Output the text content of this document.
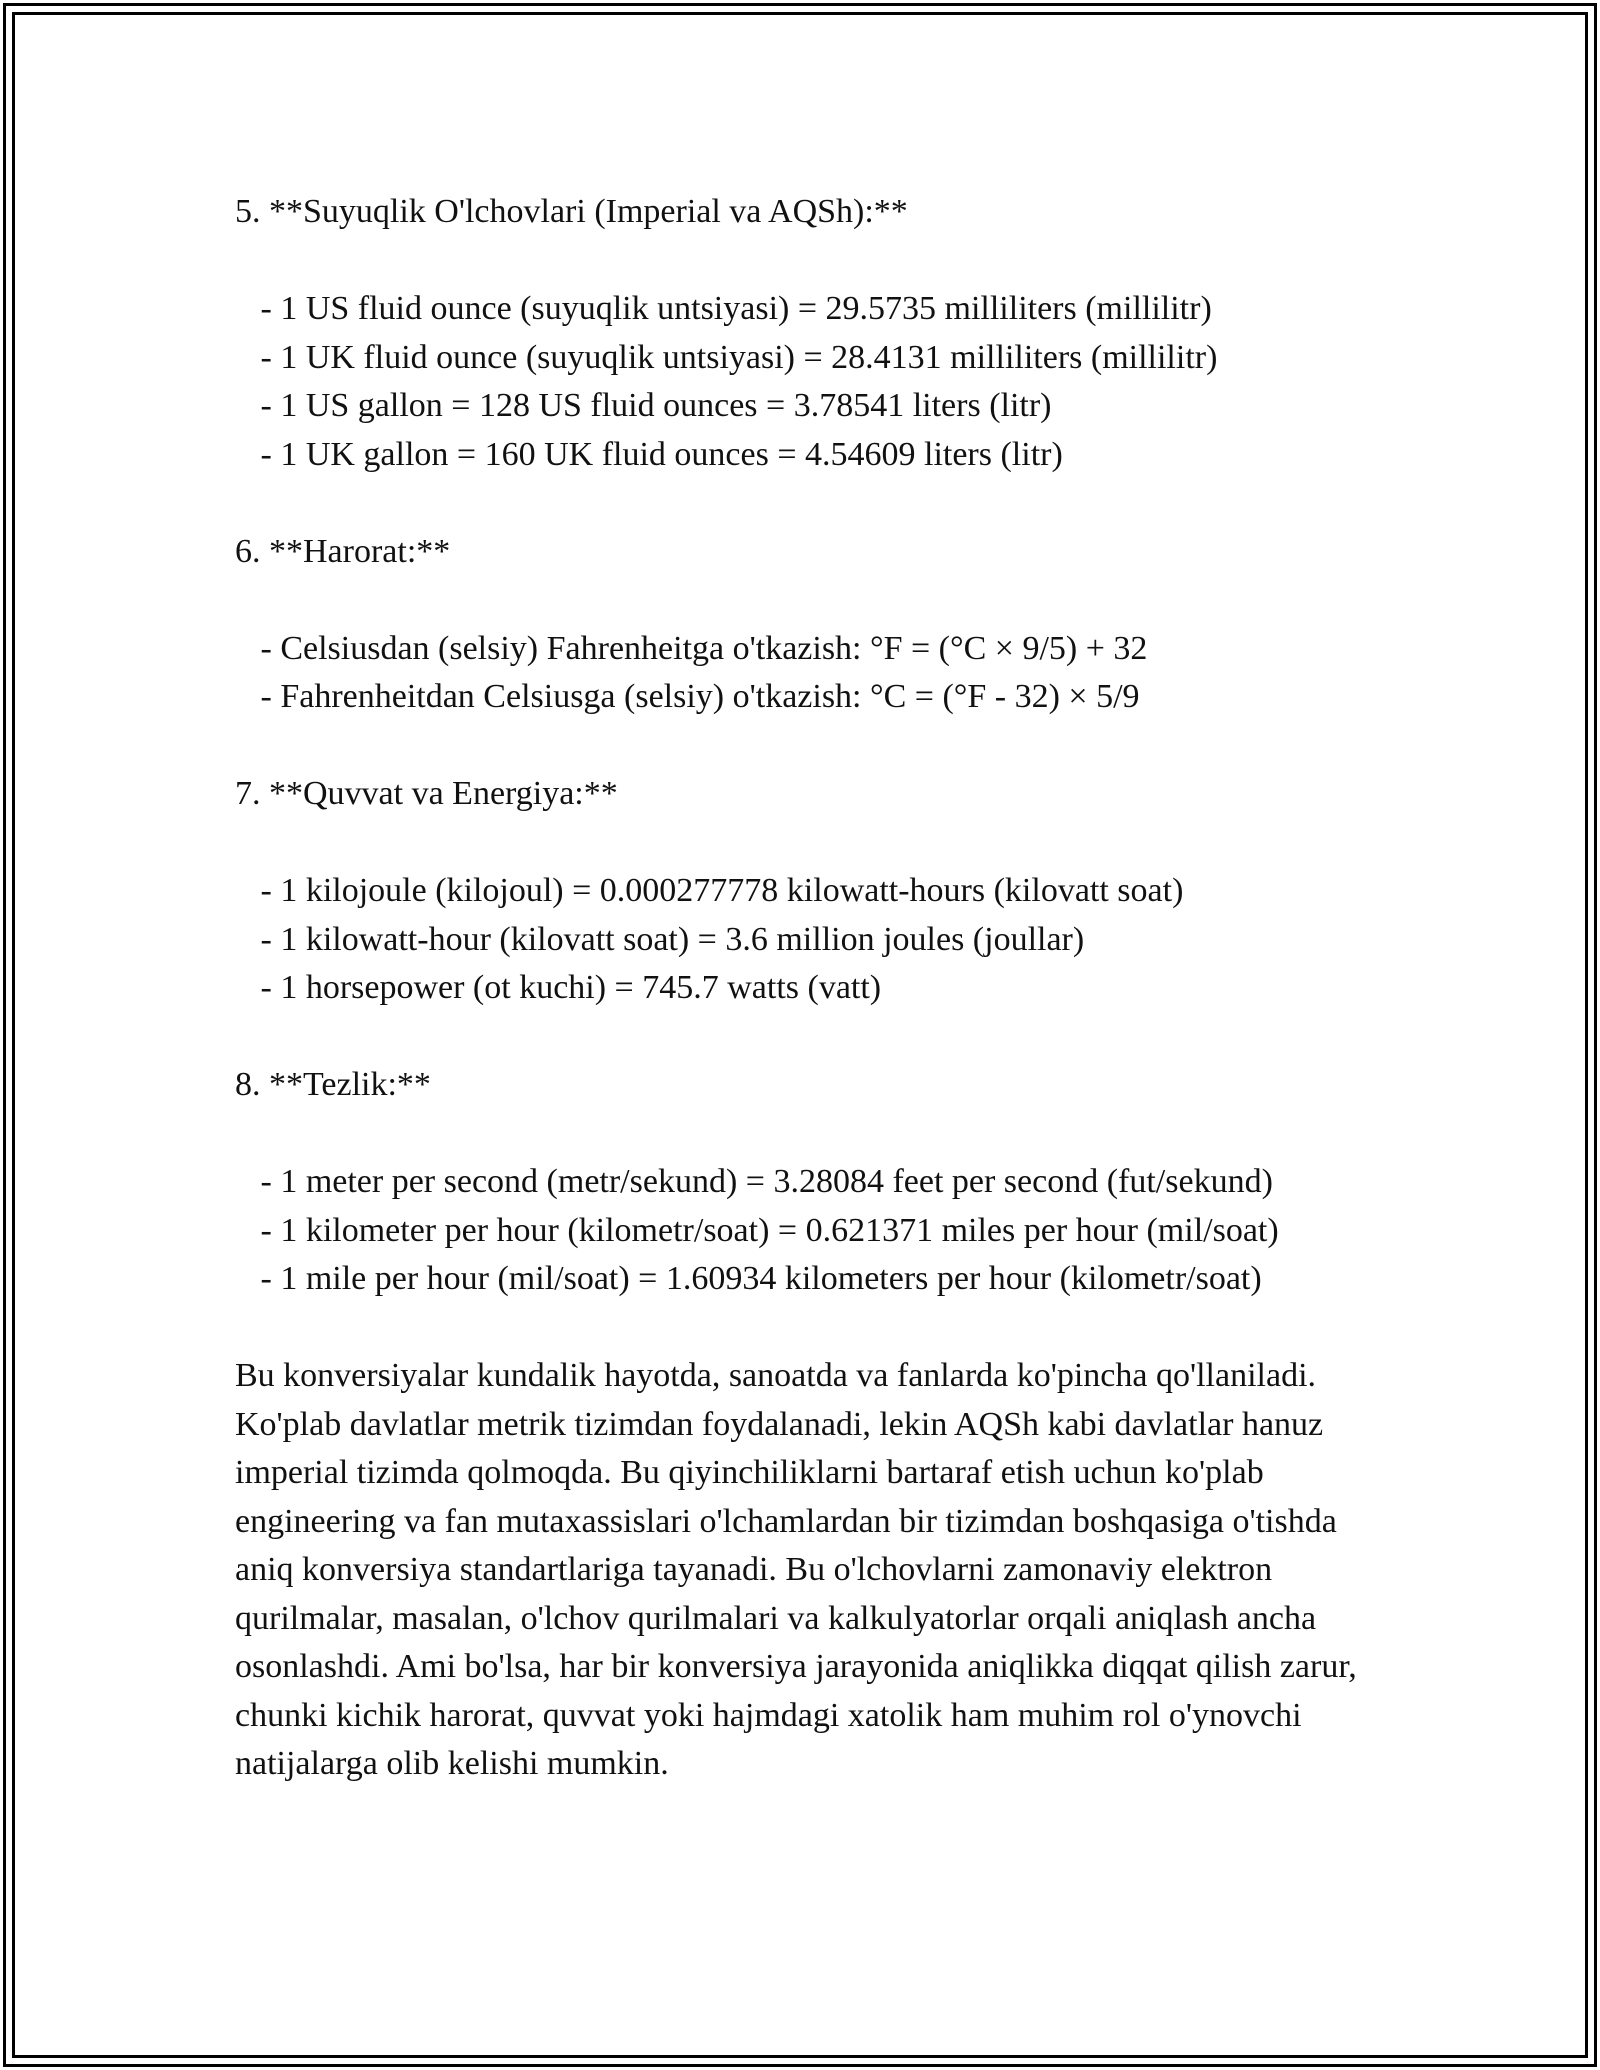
5. **Suyuqlik O'lchovlari (Imperial va AQSh):**

- 1 US fluid ounce (suyuqlik untsiyasi) = 29.5735 milliliters (millilitr)

- 1 UK fluid ounce (suyuqlik untsiyasi) = 28.4131 milliliters (millilitr)

- 1 US gallon = 128 US fluid ounces = 3.78541 liters (litr)

- 1 UK gallon = 160 UK fluid ounces = 4.54609 liters (litr)

6. **Harorat:**

- Celsiusdan (selsiy) Fahrenheitga o'tkazish: °F = (°C × 9/5) + 32

- Fahrenheitdan Celsiusga (selsiy) o'tkazish: °C = (°F - 32) × 5/9

7. **Quvvat va Energiya:**

- 1 kilojoule (kilojoul) = 0.000277778 kilowatt-hours (kilovatt soat)

- 1 kilowatt-hour (kilovatt soat) = 3.6 million joules (joullar)

- 1 horsepower (ot kuchi) = 745.7 watts (vatt)

8. **Tezlik:**

- 1 meter per second (metr/sekund) = 3.28084 feet per second (fut/sekund)

- 1 kilometer per hour (kilometr/soat) = 0.621371 miles per hour (mil/soat)

- 1 mile per hour (mil/soat) = 1.60934 kilometers per hour (kilometr/soat)

Bu konversiyalar kundalik hayotda, sanoatda va fanlarda ko'pincha qo'llaniladi. Ko'plab davlatlar metrik tizimdan foydalanadi, lekin AQSh kabi davlatlar hanuz imperial tizimda qolmoqda. Bu qiyinchiliklarni bartaraf etish uchun ko'plab engineering va fan mutaxassislari o'lchamlardan bir tizimdan boshqasiga o'tishda aniq konversiya standartlariga tayanadi. Bu o'lchovlarni zamonaviy elektron qurilmalar, masalan, o'lchov qurilmalari va kalkulyatorlar orqali aniqlash ancha osonlashdi. Ami bo'lsa, har bir konversiya jarayonida aniqlikka diqqat qilish zarur, chunki kichik harorat, quvvat yoki hajmdagi xatolik ham muhim rol o'ynovchi natijalarga olib kelishi mumkin.
